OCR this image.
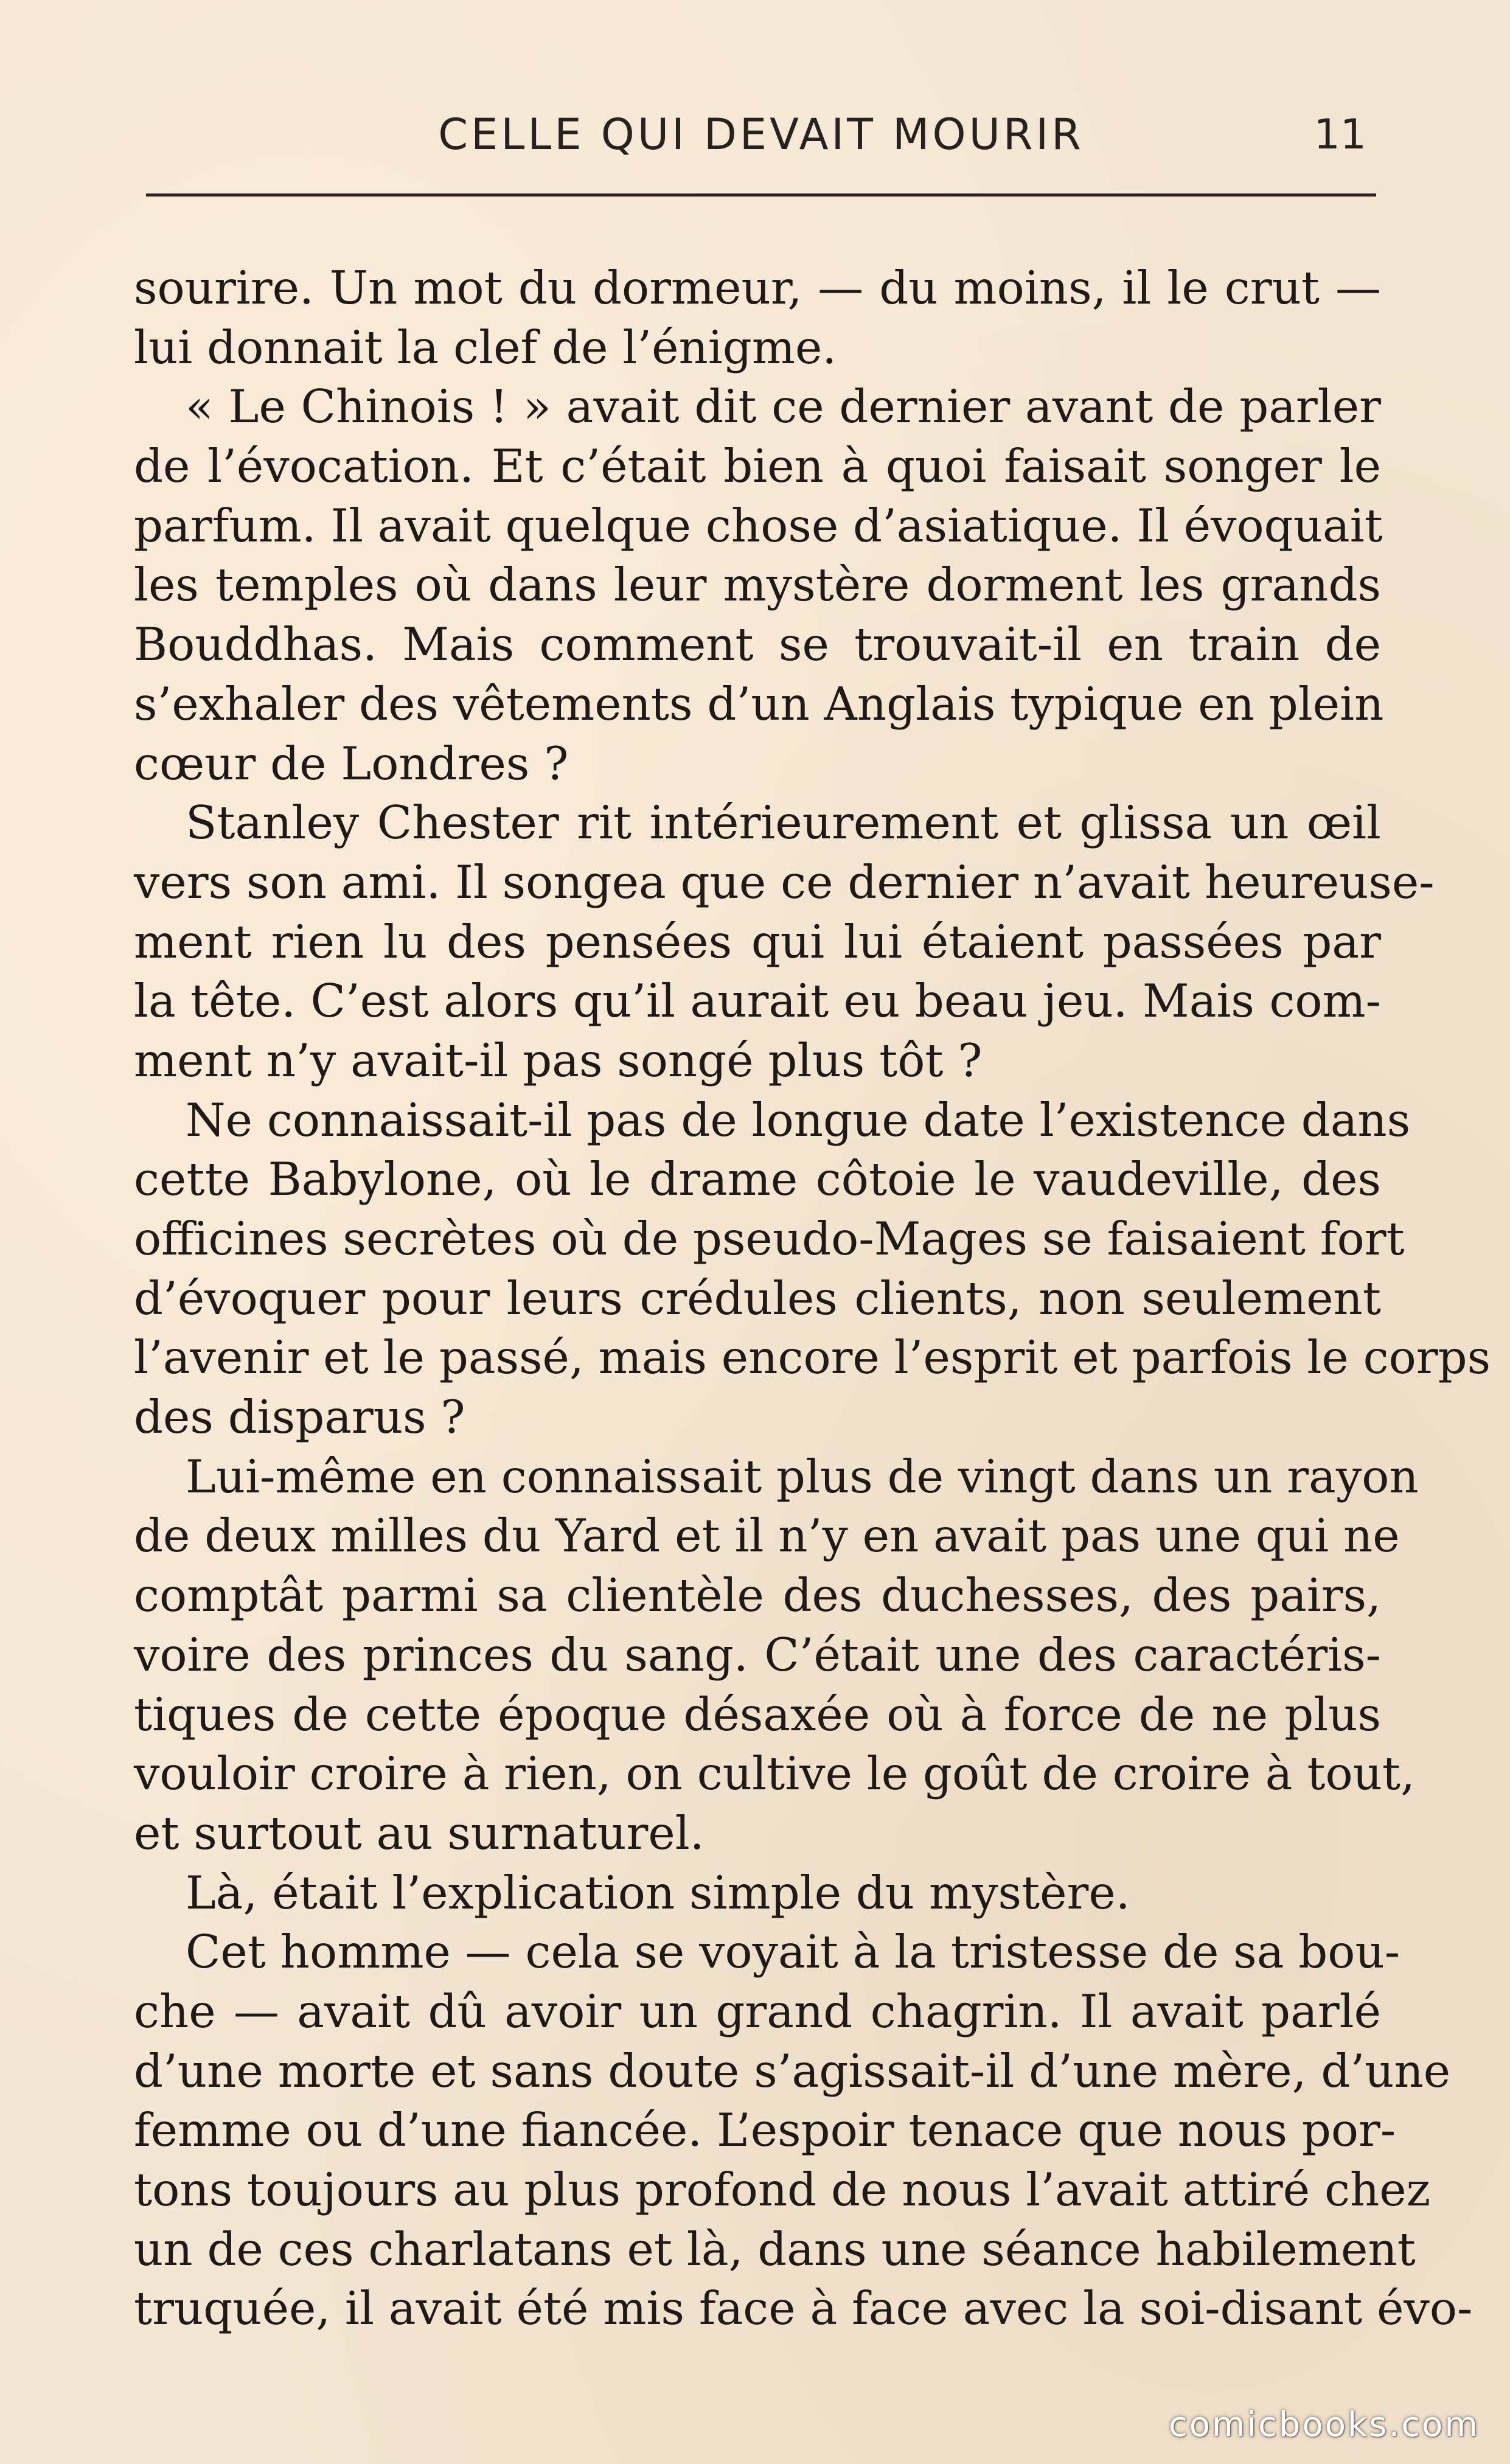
CELLE QUI DEVAIT MOURIR	11
sourire. Un mot du dormeur, — du moins, il le crut —
lui donnait la clef de l’énigme.
« Le Chinois ! » avait dit ce dernier avant de parler
de l’évocation. Et c’était bien à quoi faisait songer le
parfum. Il avait quelque chose d’asiatique. Il évoquait
les temples où dans leur mystère dorment les grands
Bouddhas. Mais comment se trouvait-il en train de
s’exhaler des vêtements d’un Anglais typique en plein
cœur de Londres ?
Stanley Chester rit intérieurement et glissa un œil
vers son ami. Il songea que ce dernier n’avait heureuse-
ment rien lu des pensées qui lui étaient passées par
la tête. C’est alors qu’il aurait eu beau jeu. Mais com-
ment n’y avait-il pas songé plus tôt ?
Ne connaissait-il pas de longue date l’existence dans
cette Babylone, où le drame côtoie le vaudeville, des
officines secrètes où de pseudo-Mages se faisaient fort
d’évoquer pour leurs crédules clients, non seulement
l’avenir et le passé, mais encore l’esprit et parfois le corps
des disparus ?
Lui-même en connaissait plus de vingt dans un rayon
de deux milles du Yard et il n’y en avait pas une qui ne
comptât parmi sa clientèle des duchesses, des pairs,
voire des princes du sang. C’était une des caractéris-
tiques de cette époque désaxée où à force de ne plus
vouloir croire à rien, on cultive le goût de croire à tout,
et surtout au surnaturel.
Là, était l’explication simple du mystère.
Cet homme — cela se voyait à la tristesse de sa bou-
che — avait dû avoir un grand chagrin. Il avait parlé
d’une morte et sans doute s’agissait-il d’une mère, d’une
femme ou d’une fiancée. L’espoir tenace que nous por-
tons toujours au plus profond de nous l’avait attiré chez
un de ces charlatans et là, dans une séance habilement
truquée, il avait été mis face à face avec la soi-disant évo-
comicbooks.com
